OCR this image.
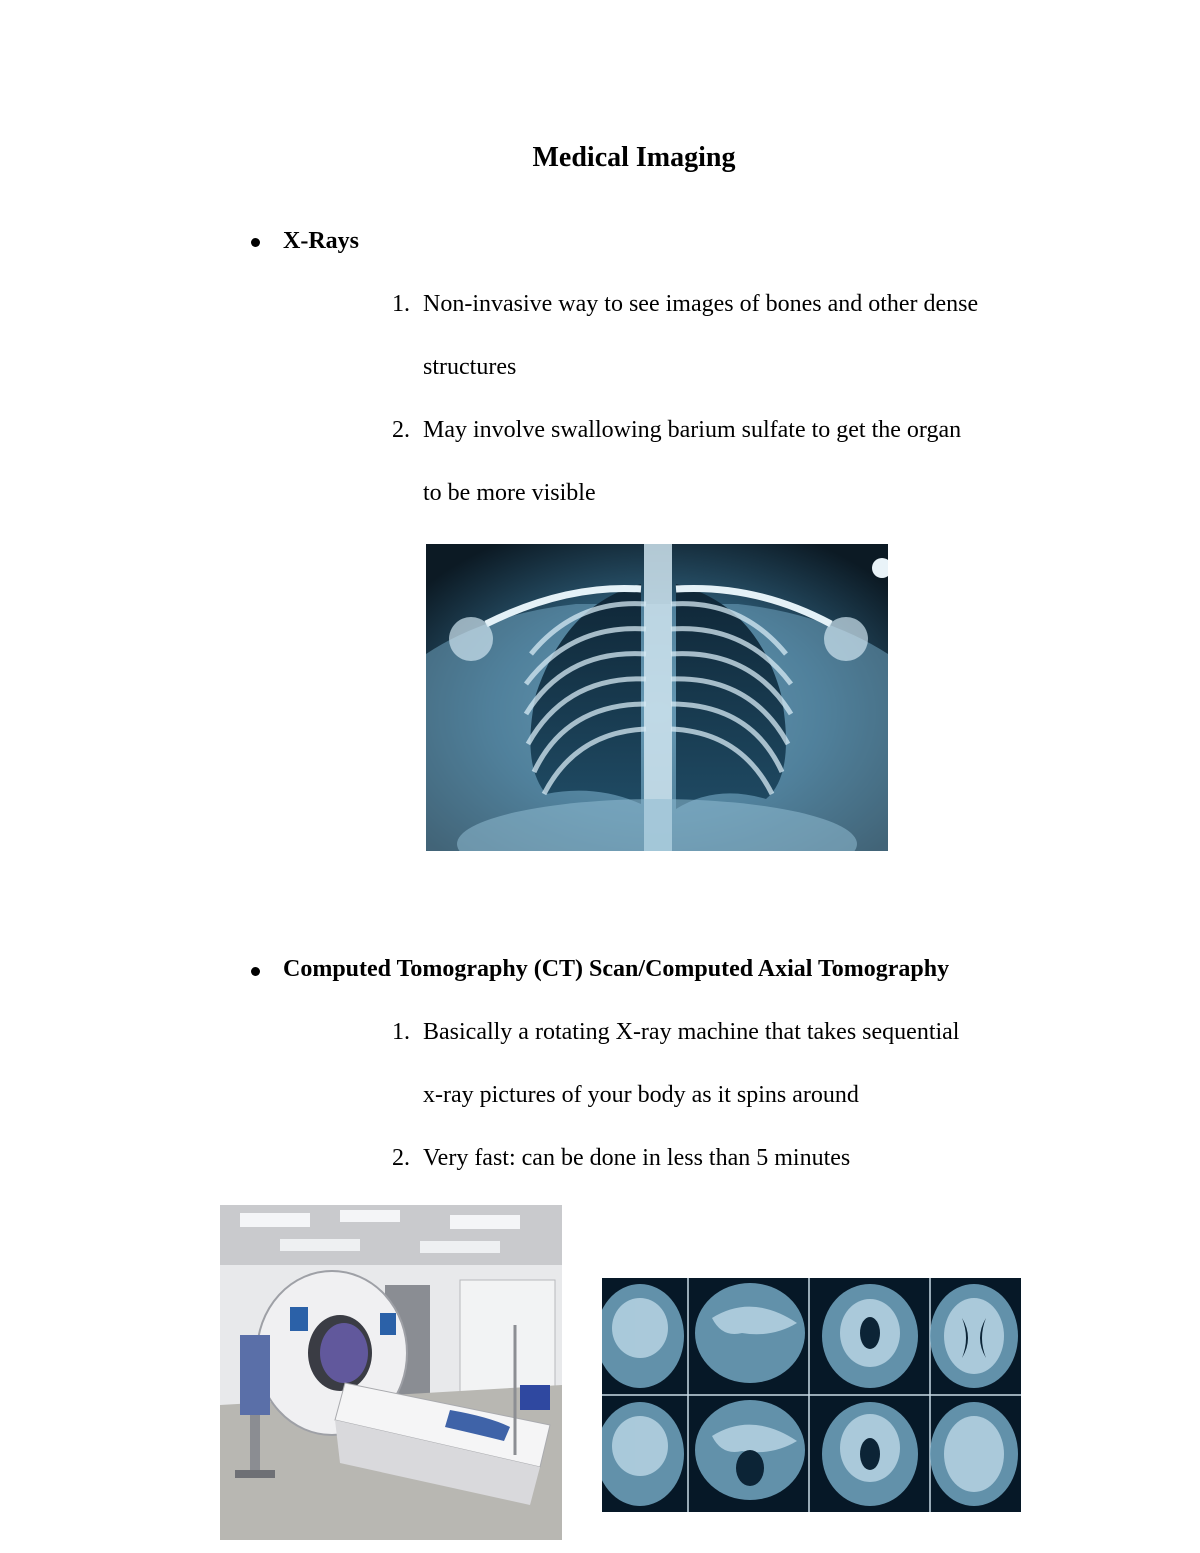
Medical Imaging
X-Rays
1. Non-invasive way to see images of bones and other dense
structures
2. May involve swallowing barium sulfate to get the organ
to be more visible
Computed Tomography (CT) Scan/Computed Axial Tomography
1. Basically a rotating X-ray machine that takes sequential
x-ray pictures of your body as it spins around
2. Very fast: can be done in less than 5 minutes
